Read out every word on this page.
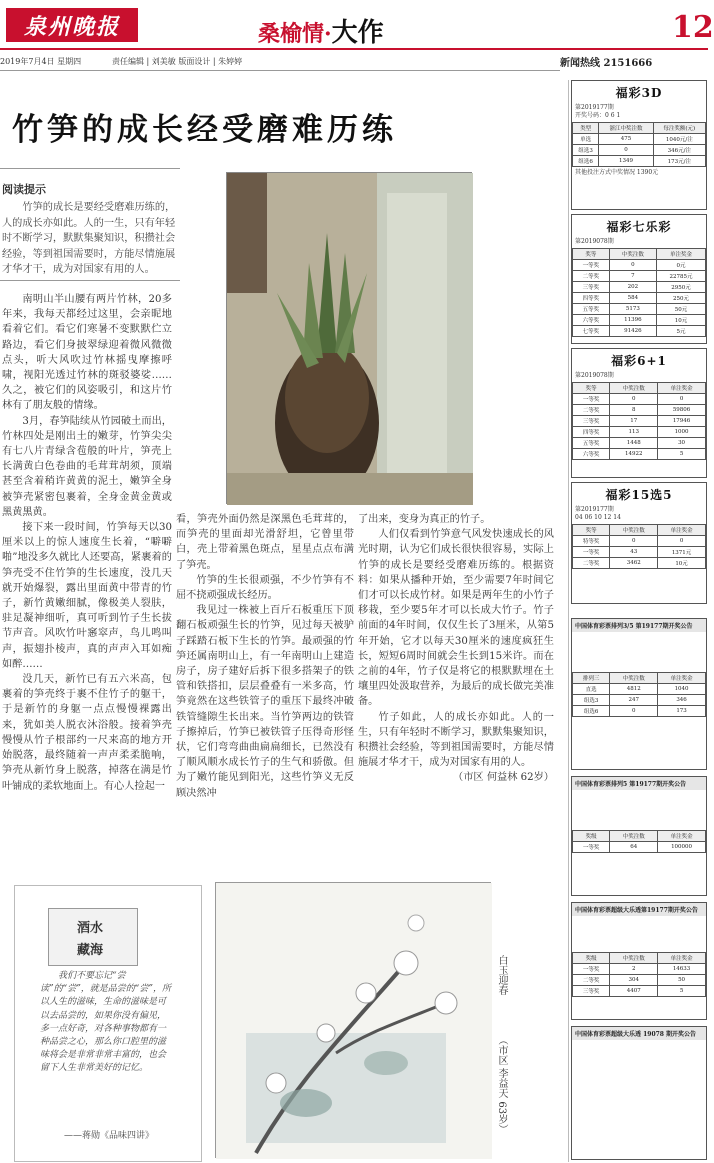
泉州晚报	桑榆情·大作	12
2019年7月4日 星期四	责任编辑 | 刘美敏 版面设计 | 朱婷婷	新闻热线 2151666
竹笋的成长经受磨难历练
阅读提示
竹笋的成长是要经受磨难历练的，人的成长亦如此。人的一生，只有年轻时不断学习，默默集聚知识，积攒社会经验，等到祖国需要时，方能尽情施展才华才干，成为对国家有用的人。

南明山半山腰有两片竹林，20多年来，我每天都经过这里，会亲昵地看着它们。看它们寒暑不变默默伫立路边，看它们身披翠绿迎着微风微微点头，听大风吹过竹林摇曳摩擦呼啸，视阳光透过竹林的斑驳婆娑……久之，被它们的风姿吸引，和这片竹林有了朋友般的情缘。

3月，春笋陆续从竹园破土而出，竹林四处是刚出土的嫩芽，竹笋尖尖有七八片青绿含苞般的叶片，笋壳上长满黄白色卷曲的毛茸茸胡须，顶端甚至含着稍许黄黄的泥土，嫩笋全身被笋壳紧密包裹着，全身金黄金黄或黑黄黑黄。

接下来一段时间，竹笋每天以30厘米以上的惊人速度生长着，“噼噼啪”地没多久就比人还要高，紧裹着的笋壳受不住竹笋的生长速度，没几天就开始爆裂，露出里面黄中带青的竹子，新竹黄嫩细腻，像极美人裂肤，驻足凝神细听，真可听到竹子生长拔节声音。风吹竹叶窸窣声，鸟儿鸣叫声，振翅扑棱声，真的声声入耳如痴如醉……

没几天，新竹已有五六米高，包裹着的笋壳终于裹不住竹子的躯干，于是新竹的身躯一点点慢慢裸露出来，犹如美人脱衣沐浴般。接着笋壳慢慢从竹子根部约一尺来高的地方开始脱落，最终随着一声声柔柔脆响，笋壳从新竹身上脱落，掉落在满是竹叶铺成的柔软地面上。有心人捡起一

看，笋壳外面仍然是深黑色毛茸茸的，而笋壳的里面却光滑舒坦，它曾里带白，壳上带着黑色斑点，星星点点布满了笋壳。

竹笋的生长很顽强，不少竹笋有不屈不挠顽强成长经历。

我见过一株被上百斤石板重压下顶翻石板顽强生长的竹笋，见过每天被驴子踩踏石板下生长的竹笋。最顽强的竹笋还属南明山上，有一年南明山上建造房子，房子建好后拆下很多搭架子的铁管和铁搭扣，层层叠叠有一米多高，竹笋竟然在这些铁管子的重压下最终冲破铁管缝隙生长出来。当竹笋两边的铁管子擦掉后，竹笋已被铁管子压得奇形怪状，它们弯弯曲曲扁扁细长，已然没有了顺风顺水成长竹子的生气和骄傲。但为了嫩竹能见到阳光，这些竹笋义无反顾决然冲

了出来，变身为真正的竹子。

人们仅看到竹笋意气风发快速成长的风光时期，认为它们成长很快很容易，实际上竹笋的成长是要经受磨难历练的。根据资料：如果从播种开始，至少需要7年时间它们才可以长成竹材。如果是两年生的小竹子移栽，至少要5年才可以长成大竹子。竹子前面的4年时间，仅仅生长了3厘米，从第5年开始，它才以每天30厘米的速度疯狂生长，短短6周时间就会生长到15米许。而在之前的4年，竹子仅是将它的根默默埋在土壤里四处汲取营养，为最后的成长做完美准备。

竹子如此，人的成长亦如此。人的一生，只有年轻时不断学习，默默集聚知识，积攒社会经验，等到祖国需要时，方能尽情施展才华才干，成为对国家有用的人。

（市区 何益林 62岁）

白玉迎春
（市区 李益天 63岁）
酒水
藏海
我们不要忘记“尝读”的“尝”，就是品尝的“尝”，所以人生的滋味，生命的滋味是可以去品尝的，如果你没有偏见，多一点好奇，对各种事物都有一种品尝之心，那么你口腔里的滋味将会是非常非常丰富的，也会留下人生非常美好的记忆。
——蒋勋《品味四讲》
福彩3D
第2019177期
开奖号码：0 6 1
类型	浙江中奖注数	每注奖额(元)
单选	475	1040元/注
组选3	0	346元/注
组选6	1349	173元/注
其他投注方式中奖情况 1390元
福彩七乐彩
第2019078期
奖等	中奖注数	单注奖金
一等奖	0	0元
二等奖	7	22785元
三等奖	202	2950元
四等奖	584	250元
五等奖	5173	50元
六等奖	11396	10元
七等奖	91426	5元
福彩6+1
第2019078期
奖等	中奖注数	单注奖金
一等奖	0	0
二等奖	8	59806
三等奖	17	17946
四等奖	113	1000
五等奖	1448	30
六等奖	14922	5
福彩15选5
第2019177期
04 06 10 12 14
奖等	中奖注数	单注奖金
特等奖	0	0
一等奖	43	1371元
二等奖	3462	10元
中国体育彩票排列3/5 第19177期开奖公告
排列三	中奖注数	单注奖金
直选	4812	1040
组选3	247	346
组选6	0	173
中国体育彩票排列5 第19177期开奖公告
奖级	中奖注数	单注奖金
一等奖	64	100000
中国体育彩票超级大乐透第19177期开奖公告
奖级	中奖注数	单注奖金
一等奖	2	14633
二等奖	304	50
三等奖	4407	5
中国体育彩票超级大乐透 19078 期开奖公告
